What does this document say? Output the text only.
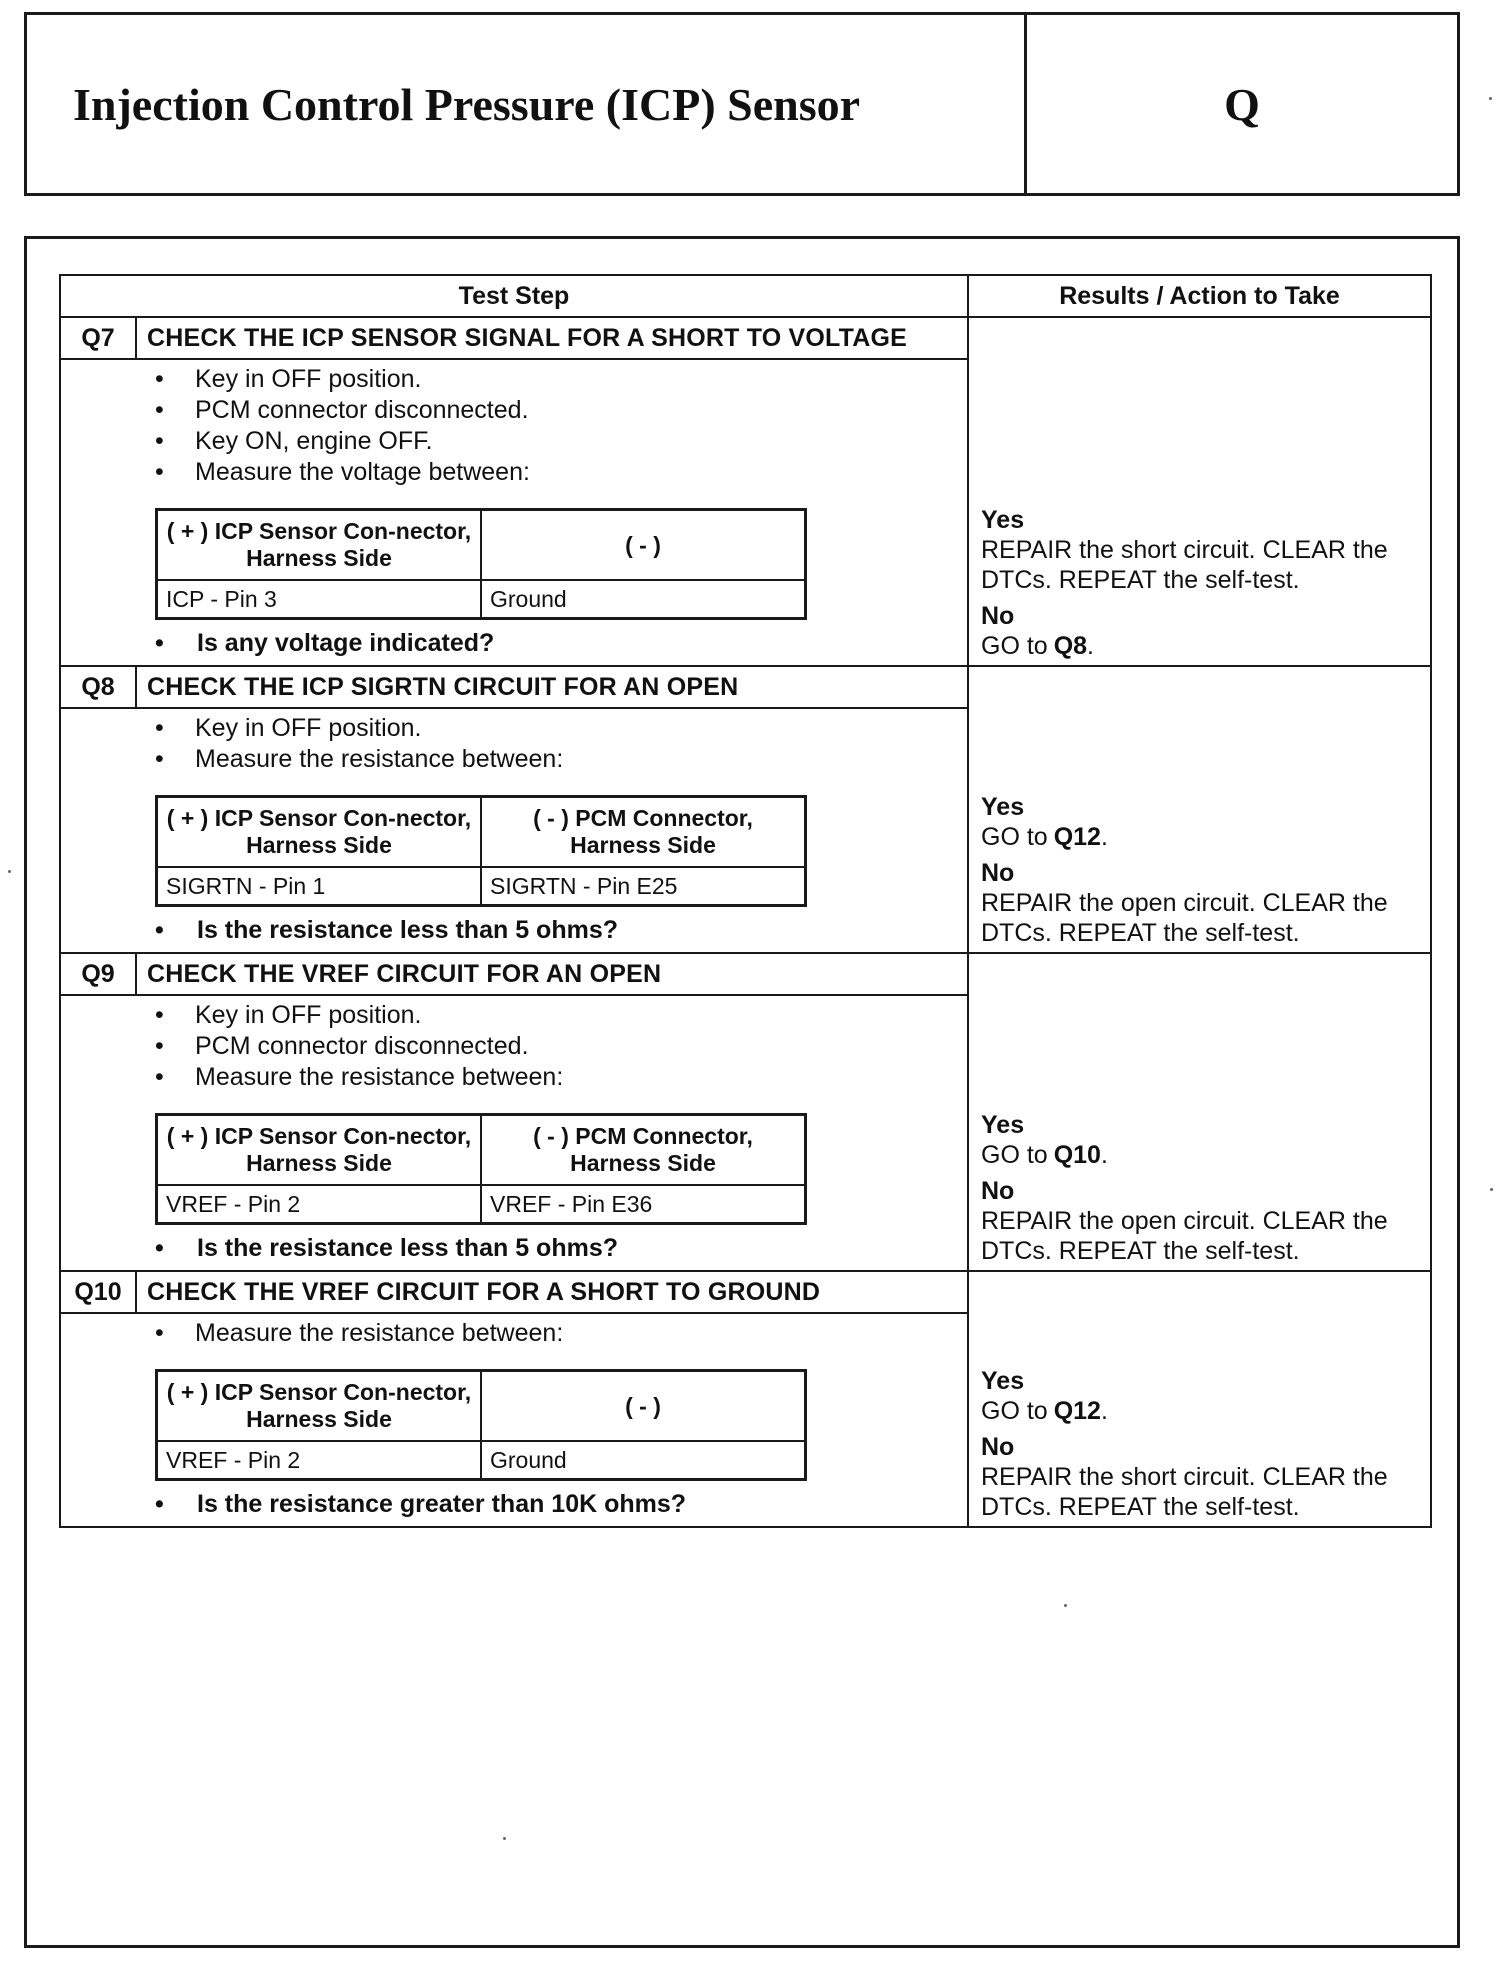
Injection Control Pressure (ICP) Sensor	Q
Test Step	Results / Action to Take

Q7	CHECK THE ICP SENSOR SIGNAL FOR A SHORT TO VOLTAGE
• Key in OFF position.
• PCM connector disconnected.
• Key ON, engine OFF.
• Measure the voltage between:
( + ) ICP Sensor Con-nector, Harness Side	( - )
ICP - Pin 3	Ground
• Is any voltage indicated?

Yes
REPAIR the short circuit. CLEAR the DTCs. REPEAT the self-test.
No
GO to Q8.

Q8	CHECK THE ICP SIGRTN CIRCUIT FOR AN OPEN
• Key in OFF position.
• Measure the resistance between:
( + ) ICP Sensor Con-nector, Harness Side	( - ) PCM Connector, Harness Side
SIGRTN - Pin 1	SIGRTN - Pin E25
• Is the resistance less than 5 ohms?

Yes
GO to Q12.
No
REPAIR the open circuit. CLEAR the DTCs. REPEAT the self-test.

Q9	CHECK THE VREF CIRCUIT FOR AN OPEN
• Key in OFF position.
• PCM connector disconnected.
• Measure the resistance between:
( + ) ICP Sensor Con-nector, Harness Side	( - ) PCM Connector, Harness Side
VREF - Pin 2	VREF - Pin E36
• Is the resistance less than 5 ohms?

Yes
GO to Q10.
No
REPAIR the open circuit. CLEAR the DTCs. REPEAT the self-test.

Q10	CHECK THE VREF CIRCUIT FOR A SHORT TO GROUND
• Measure the resistance between:
( + ) ICP Sensor Con-nector, Harness Side	( - )
VREF - Pin 2	Ground
• Is the resistance greater than 10K ohms?

Yes
GO to Q12.
No
REPAIR the short circuit. CLEAR the DTCs. REPEAT the self-test.
